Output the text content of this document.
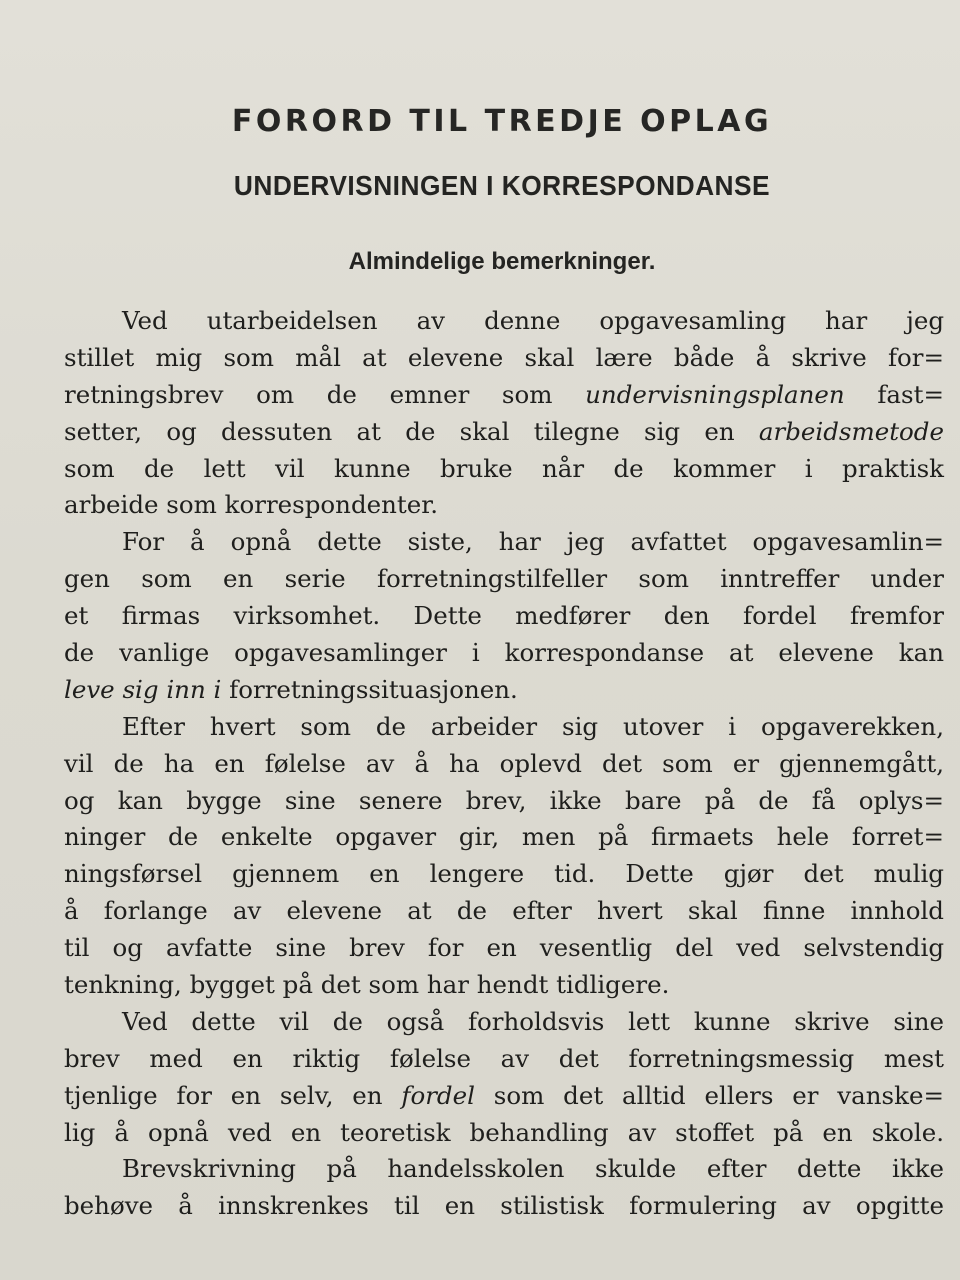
FORORD TIL TREDJE OPLAG
UNDERVISNINGEN I KORRESPONDANSE
Almindelige bemerkninger.
Ved utarbeidelsen av denne opgavesamling har jeg
stillet mig som mål at elevene skal lære både å skrive for=
retningsbrev om de emner som undervisningsplanen fast=
setter, og dessuten at de skal tilegne sig en arbeidsmetode
som de lett vil kunne bruke når de kommer i praktisk
arbeide som korrespondenter.
For å opnå dette siste, har jeg avfattet opgavesamlin=
gen som en serie forretningstilfeller som inntreffer under
et firmas virksomhet. Dette medfører den fordel fremfor
de vanlige opgavesamlinger i korrespondanse at elevene kan
leve sig inn i forretningssituasjonen.
Efter hvert som de arbeider sig utover i opgaverekken,
vil de ha en følelse av å ha oplevd det som er gjennemgått,
og kan bygge sine senere brev, ikke bare på de få oplys=
ninger de enkelte opgaver gir, men på firmaets hele forret=
ningsførsel gjennem en lengere tid. Dette gjør det mulig
å forlange av elevene at de efter hvert skal finne innhold
til og avfatte sine brev for en vesentlig del ved selvstendig
tenkning, bygget på det som har hendt tidligere.
Ved dette vil de også forholdsvis lett kunne skrive sine
brev med en riktig følelse av det forretningsmessig mest
tjenlige for en selv, en fordel som det alltid ellers er vanske=
lig å opnå ved en teoretisk behandling av stoffet på en skole.
Brevskrivning på handelsskolen skulde efter dette ikke
behøve å innskrenkes til en stilistisk formulering av opgitte
